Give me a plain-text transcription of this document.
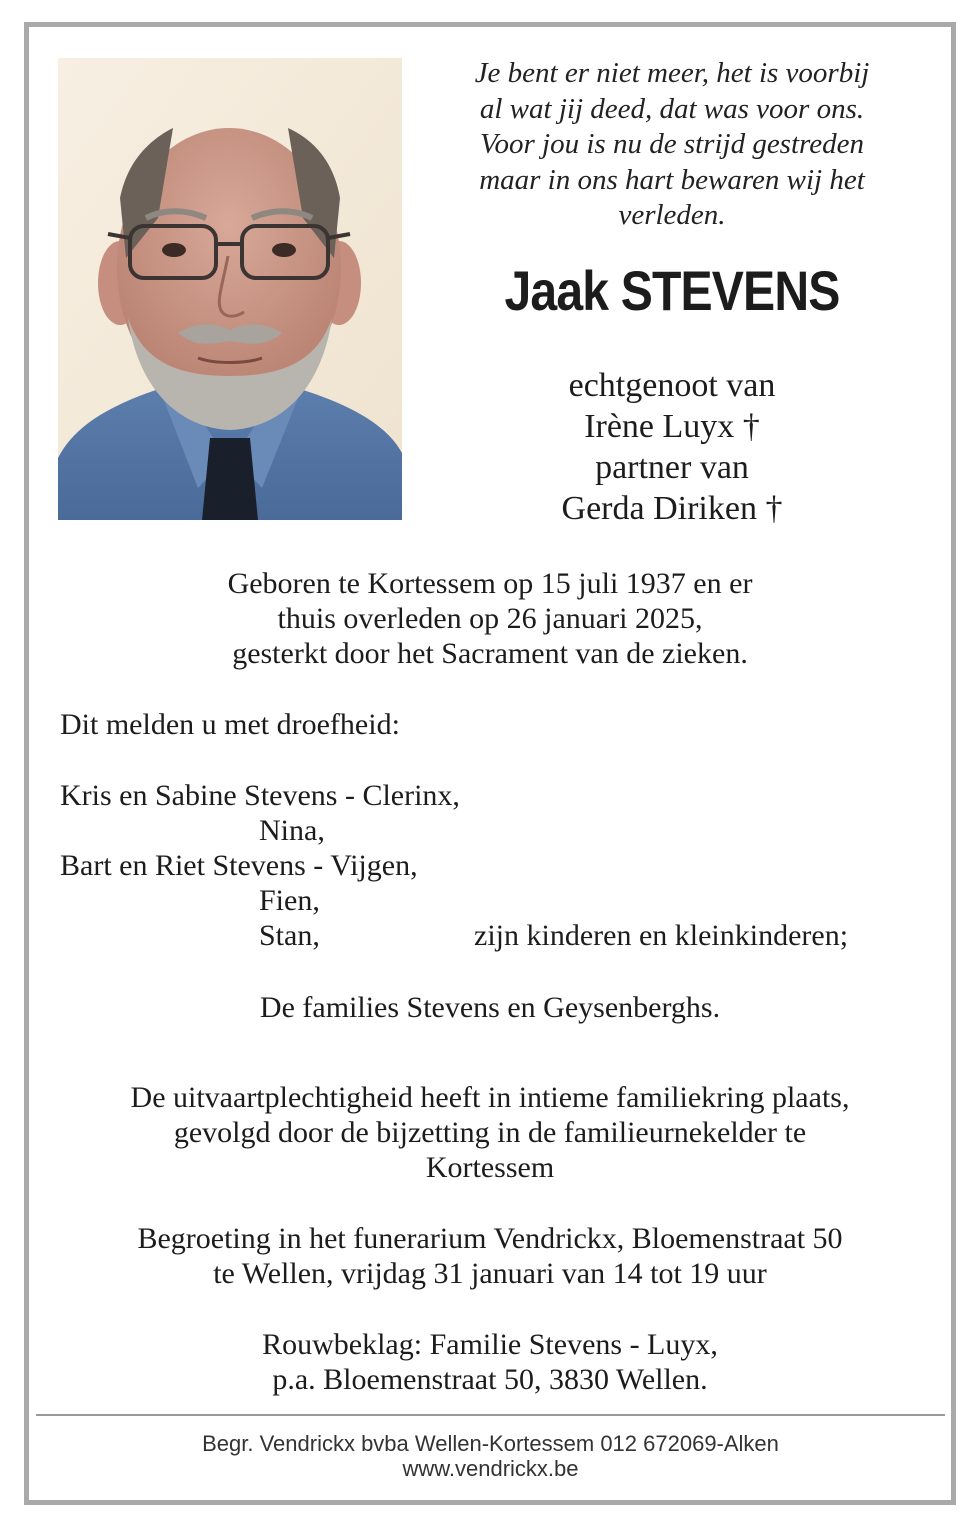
Je bent er niet meer, het is voorbij
al wat jij deed, dat was voor ons.
Voor jou is nu de strijd gestreden
maar in ons hart bewaren wij het
verleden.
Jaak STEVENS
echtgenoot van
Irène Luyx †
partner van
Gerda Diriken †
Geboren te Kortessem op 15 juli 1937 en er
thuis overleden op 26 januari 2025,
gesterkt door het Sacrament van de zieken.
Dit melden u met droefheid:
Kris en Sabine Stevens - Clerinx,
Nina,
Bart en Riet Stevens - Vijgen,
Fien,
Stan,	zijn kinderen en kleinkinderen;
De families Stevens en Geysenberghs.
De uitvaartplechtigheid heeft in intieme familiekring plaats,
gevolgd door de bijzetting in de familieurnekelder te
Kortessem
Begroeting in het funerarium Vendrickx, Bloemenstraat 50
te Wellen, vrijdag 31 januari van 14 tot 19 uur
Rouwbeklag: Familie Stevens - Luyx,
p.a. Bloemenstraat 50, 3830 Wellen.
Begr. Vendrickx bvba Wellen-Kortessem 012 672069-Alken
www.vendrickx.be
